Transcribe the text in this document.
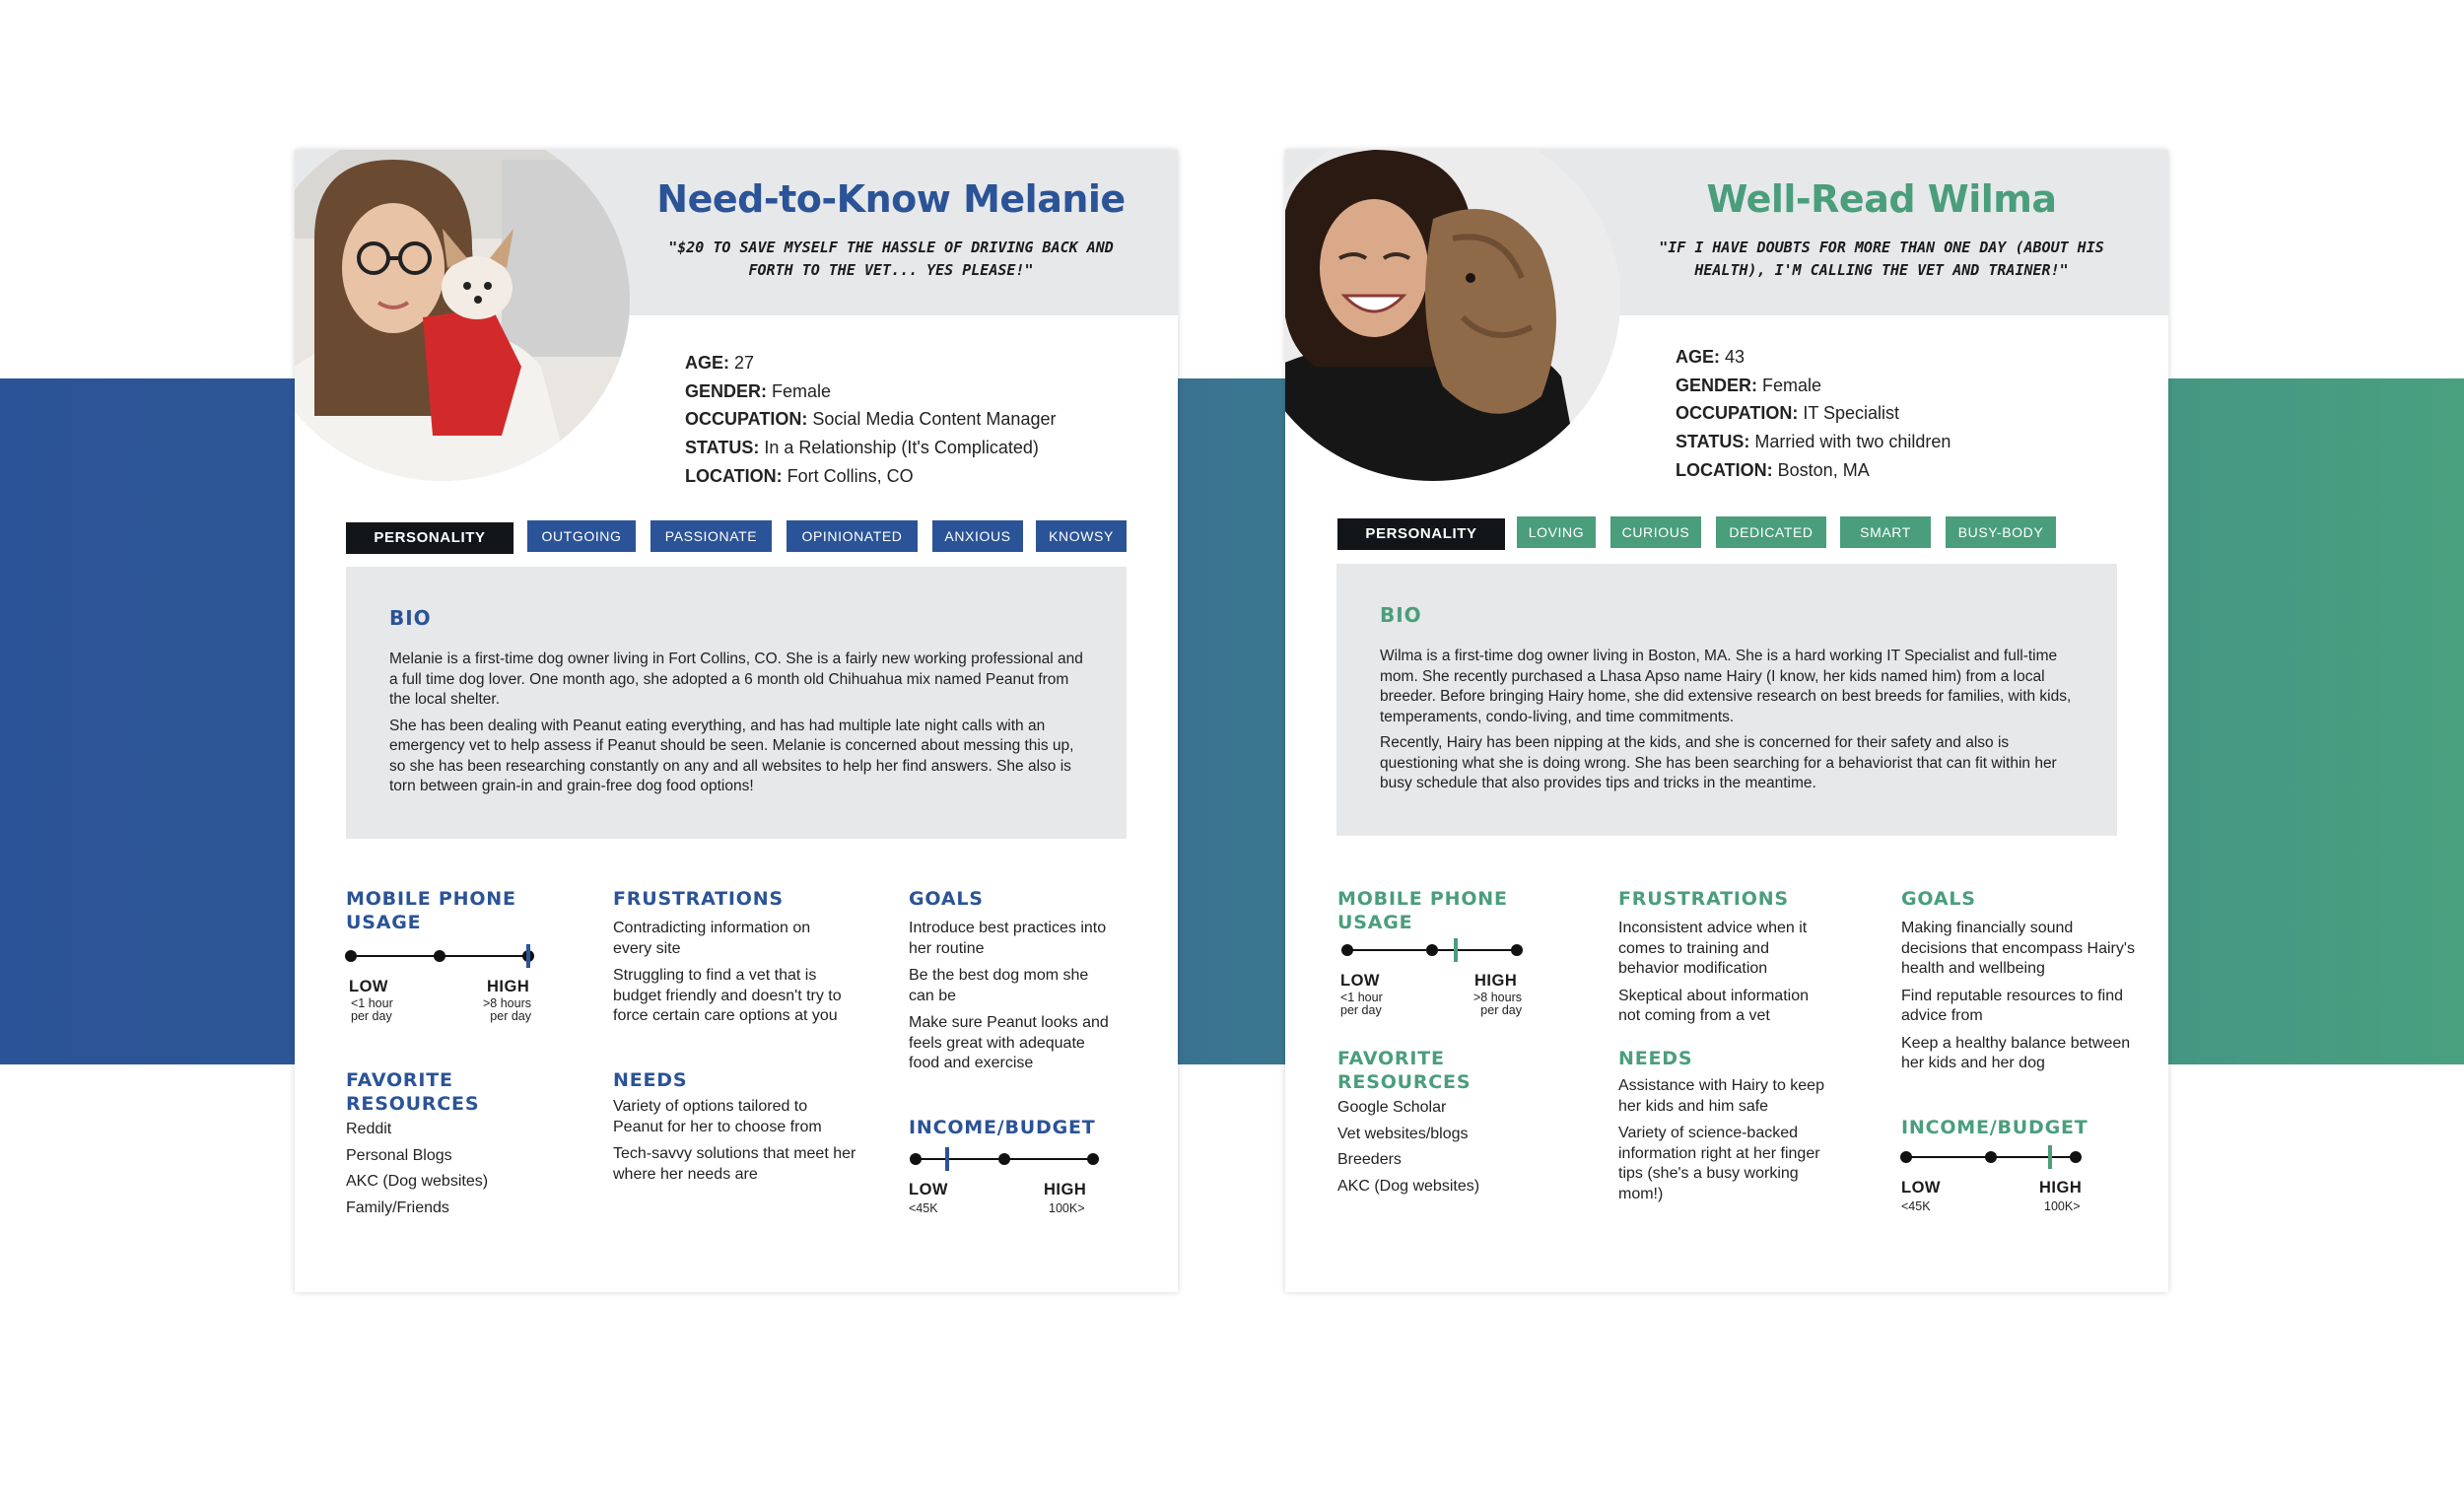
Need-to-Know Melanie
"$20 TO SAVE MYSELF THE HASSLE OF DRIVING BACK AND FORTH TO THE VET... YES PLEASE!"
AGE: 27
GENDER: Female
OCCUPATION: Social Media Content Manager
STATUS: In a Relationship (It's Complicated)
LOCATION: Fort Collins, CO
PERSONALITY	OUTGOING	PASSIONATE	OPINIONATED	ANXIOUS	KNOWSY
BIO

Melanie is a first-time dog owner living in Fort Collins, CO. She is a fairly new working professional and a full time dog lover. One month ago, she adopted a 6 month old Chihuahua mix named Peanut from the local shelter.

She has been dealing with Peanut eating everything, and has had multiple late night calls with an emergency vet to help assess if Peanut should be seen. Melanie is concerned about messing this up, so she has been researching constantly on any and all websites to help her find answers. She also is torn between grain-in and grain-free dog food options!

MOBILE PHONE USAGE
LOW	HIGH
<1 hour per day
>8 hours per day
FAVORITE RESOURCES
Reddit
Personal Blogs
AKC (Dog websites)
Family/Friends
FRUSTRATIONS
Contradicting information on every site
Struggling to find a vet that is budget friendly and doesn't try to force certain care options at you
NEEDS
Variety of options tailored to Peanut for her to choose from
Tech-savvy solutions that meet her where her needs are
GOALS
Introduce best practices into her routine
Be the best dog mom she can be
Make sure Peanut looks and feels great with adequate food and exercise
INCOME/BUDGET
LOW	HIGH
<45K	100K>
Well-Read Wilma
"IF I HAVE DOUBTS FOR MORE THAN ONE DAY (ABOUT HIS HEALTH), I'M CALLING THE VET AND TRAINER!"
AGE: 43
GENDER: Female
OCCUPATION: IT Specialist
STATUS: Married with two children
LOCATION: Boston, MA
PERSONALITY	LOVING	CURIOUS	DEDICATED	SMART	BUSY-BODY
BIO

Wilma is a first-time dog owner living in Boston, MA. She is a hard working IT Specialist and full-time mom. She recently purchased a Lhasa Apso name Hairy (I know, her kids named him) from a local breeder. Before bringing Hairy home, she did extensive research on best breeds for families, with kids, temperaments, condo-living, and time commitments.

Recently, Hairy has been nipping at the kids, and she is concerned for their safety and also is questioning what she is doing wrong. She has been searching for a behaviorist that can fit within her busy schedule that also provides tips and tricks in the meantime.

MOBILE PHONE USAGE
LOW	HIGH
<1 hour per day
>8 hours per day
FAVORITE RESOURCES
Google Scholar
Vet websites/blogs
Breeders
AKC (Dog websites)
FRUSTRATIONS
Inconsistent advice when it comes to training and behavior modification
Skeptical about information not coming from a vet
NEEDS
Assistance with Hairy to keep her kids and him safe
Variety of science-backed information right at her finger tips (she's a busy working mom!)
GOALS
Making financially sound decisions that encompass Hairy's health and wellbeing
Find reputable resources to find advice from
Keep a healthy balance between her kids and her dog
INCOME/BUDGET
LOW	HIGH
<45K	100K>
